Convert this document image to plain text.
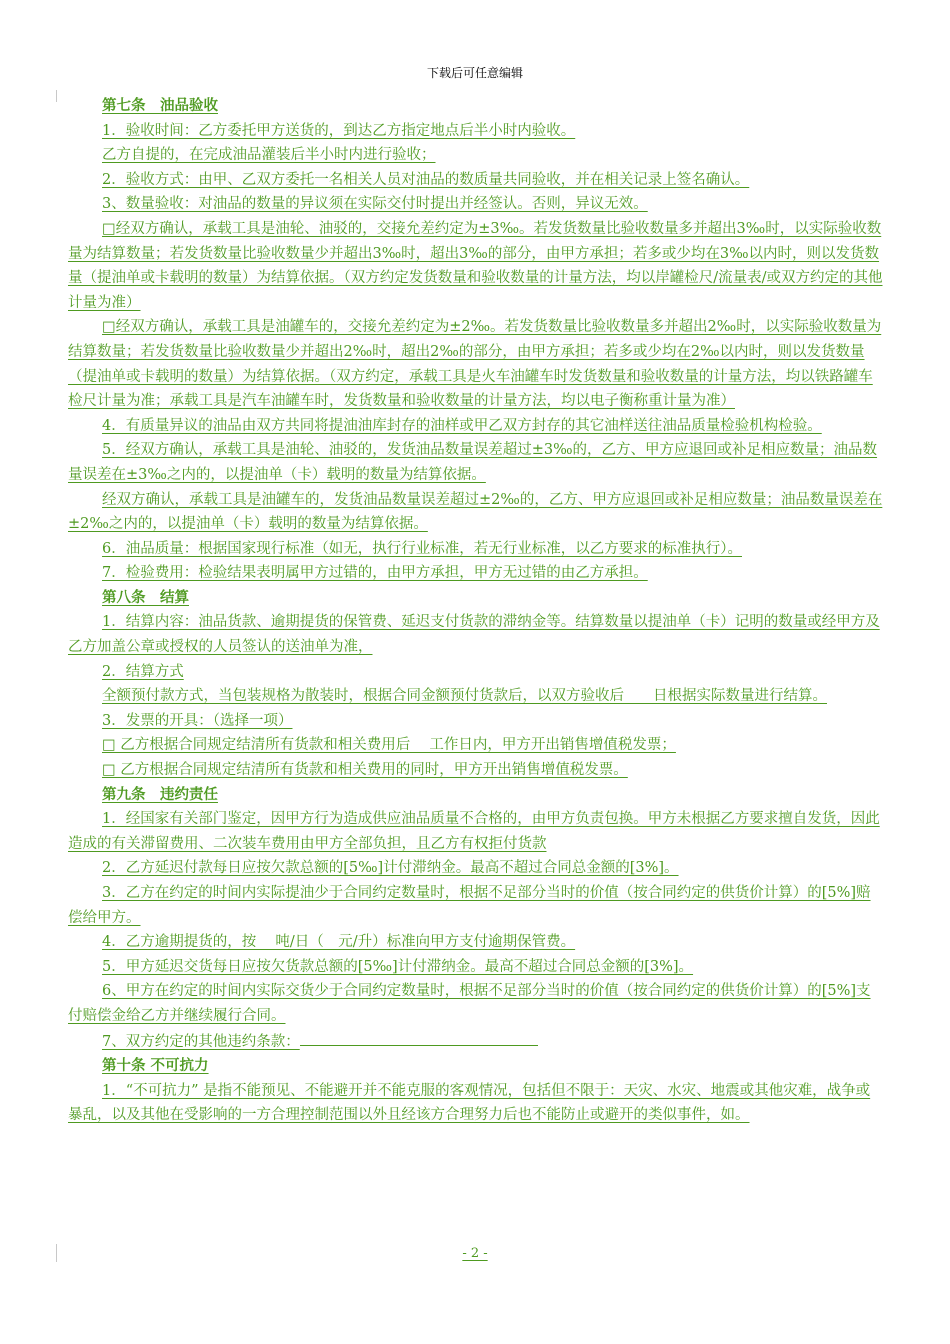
下载后可任意编辑

第七条　油品验收

1．验收时间：乙方委托甲方送货的，到达乙方指定地点后半小时内验收。

乙方自提的，在完成油品灌装后半小时内进行验收；

2．验收方式：由甲、乙双方委托一名相关人员对油品的数质量共同验收，并在相关记录上签名确认。

3、数量验收：对油品的数量的异议须在实际交付时提出并经签认。否则，异议无效。

□经双方确认，承载工具是油轮、油驳的，交接允差约定为±3‰。若发货数量比验收数量多并超出3‰时，以实际验收数量为结算数量；若发货数量比验收数量少并超出3‰时，超出3‰的部分，由甲方承担；若多或少均在3‰以内时，则以发货数量（提油单或卡载明的数量）为结算依据。（双方约定发货数量和验收数量的计量方法，均以岸罐检尺/流量表/或双方约定的其他计量为准）

□经双方确认，承载工具是油罐车的，交接允差约定为±2‰。若发货数量比验收数量多并超出2‰时，以实际验收数量为结算数量；若发货数量比验收数量少并超出2‰时，超出2‰的部分，由甲方承担；若多或少均在2‰以内时，则以发货数量（提油单或卡载明的数量）为结算依据。（双方约定，承载工具是火车油罐车时发货数量和验收数量的计量方法，均以铁路罐车检尺计量为准；承载工具是汽车油罐车时，发货数量和验收数量的计量方法，均以电子衡称重计量为准）

4．有质量异议的油品由双方共同将提油油库封存的油样或甲乙双方封存的其它油样送往油品质量检验机构检验。

5．经双方确认，承载工具是油轮、油驳的，发货油品数量误差超过±3‰的，乙方、甲方应退回或补足相应数量；油品数量误差在±3‰之内的，以提油单（卡）载明的数量为结算依据。

经双方确认，承载工具是油罐车的，发货油品数量误差超过±2‰的，乙方、甲方应退回或补足相应数量；油品数量误差在±2‰之内的，以提油单（卡）载明的数量为结算依据。

6．油品质量：根据国家现行标准（如无，执行行业标准，若无行业标准，以乙方要求的标准执行）。

7．检验费用：检验结果表明属甲方过错的，由甲方承担，甲方无过错的由乙方承担。

第八条　结算

1．结算内容：油品货款、逾期提货的保管费、延迟支付货款的滞纳金等。结算数量以提油单（卡）记明的数量或经甲方及乙方加盖公章或授权的人员签认的送油单为准，

2．结算方式

全额预付款方式，当包装规格为散装时，根据合同金额预付货款后，以双方验收后　　日根据实际数量进行结算。

3．发票的开具：（选择一项）

□ 乙方根据合同规定结清所有货款和相关费用后　 工作日内，甲方开出销售增值税发票；

□ 乙方根据合同规定结清所有货款和相关费用的同时，甲方开出销售增值税发票。

第九条　违约责任

1．经国家有关部门鉴定，因甲方行为造成供应油品质量不合格的，由甲方负责包换。甲方未根据乙方要求擅自发货，因此造成的有关滞留费用、二次装车费用由甲方全部负担，且乙方有权拒付货款

2．乙方延迟付款每日应按欠款总额的[5‰]计付滞纳金。最高不超过合同总金额的[3%]。

3．乙方在约定的时间内实际提油少于合同约定数量时，根据不足部分当时的价值（按合同约定的供货价计算）的[5%]赔偿给甲方。

4．乙方逾期提货的，按　 吨/日（　元/升）标准向甲方支付逾期保管费。

5．甲方延迟交货每日应按欠货款总额的[5‰]计付滞纳金。最高不超过合同总金额的[3%]。

6、甲方在约定的时间内实际交货少于合同约定数量时，根据不足部分当时的价值（按合同约定的供货价计算）的[5%]支付赔偿金给乙方并继续履行合同。

7、双方约定的其他违约条款：

第十条 不可抗力

1．“不可抗力” 是指不能预见、不能避开并不能克服的客观情况，包括但不限于：天灾、水灾、地震或其他灾难，战争或暴乱，以及其他在受影响的一方合理控制范围以外且经该方合理努力后也不能防止或避开的类似事件，如。

- 2 -
